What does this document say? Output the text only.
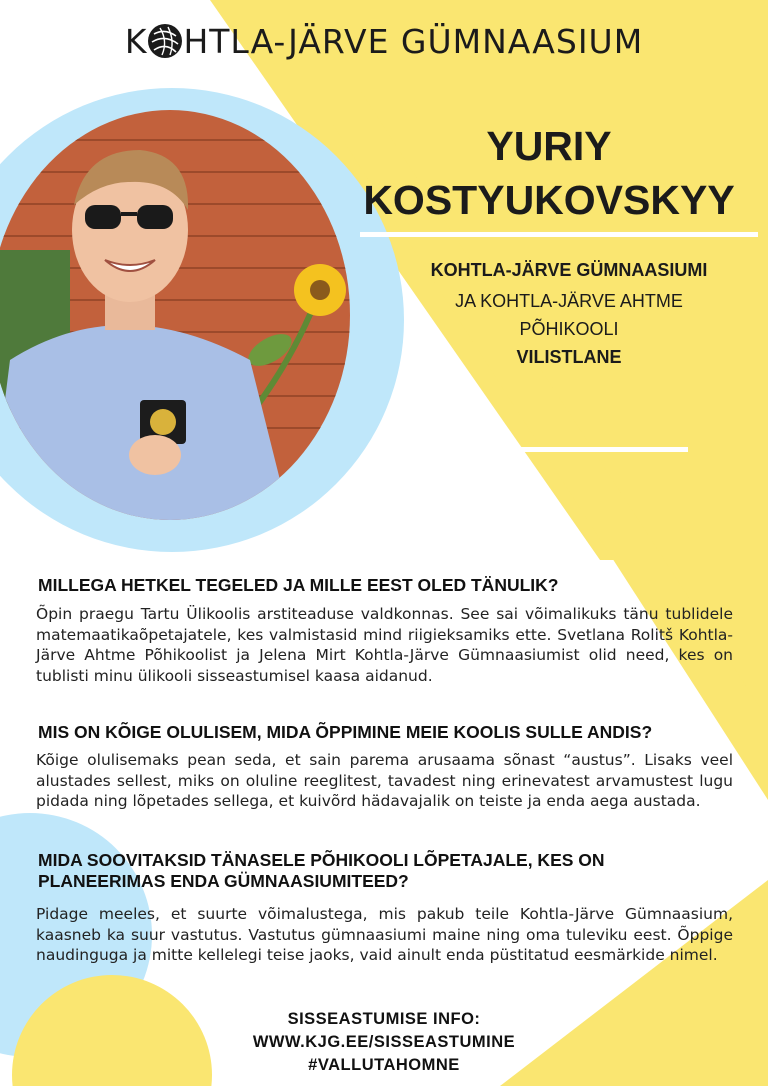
K HTLA-JÄRVE GÜMNAASIUM
YURIY
KOSTYUKOVSKYY
KOHTLA-JÄRVE GÜMNAASIUMI
JA KOHTLA-JÄRVE AHTME
PÕHIKOOLI
VILISTLANE
MILLEGA HETKEL TEGELED JA MILLE EEST OLED TÄNULIK?
Õpin praegu Tartu Ülikoolis arstiteaduse valdkonnas. See sai võimalikuks tänu tublidele matemaatikaõpetajatele, kes valmistasid mind riigieksamiks ette. Svetlana Rolitš Kohtla-Järve Ahtme Põhikoolist ja Jelena Mirt Kohtla-Järve Gümnaasiumist olid need, kes on tublisti minu ülikooli sisseastumisel kaasa aidanud.
MIS ON KÕIGE OLULISEM, MIDA ÕPPIMINE MEIE KOOLIS SULLE ANDIS?
Kõige olulisemaks pean seda, et sain parema arusaama sõnast “austus”. Lisaks veel alustades sellest, miks on oluline reeglitest, tavadest ning erinevatest arvamustest lugu pidada ning lõpetades sellega, et kuivõrd hädavajalik on teiste ja enda aega austada.
MIDA SOOVITAKSID TÄNASELE PÕHIKOOLI LÕPETAJALE, KES ON PLANEERIMAS ENDA GÜMNAASIUMITEED?
Pidage meeles, et suurte võimalustega, mis pakub teile Kohtla-Järve Gümnaasium, kaasneb ka suur vastutus. Vastutus gümnaasiumi maine ning oma tuleviku eest. Õppige naudinguga ja mitte kellelegi teise jaoks, vaid ainult enda püstitatud eesmärkide nimel.
SISSEASTUMISE INFO:
WWW.KJG.EE/SISSEASTUMINE
#VALLUTAHOMNE
